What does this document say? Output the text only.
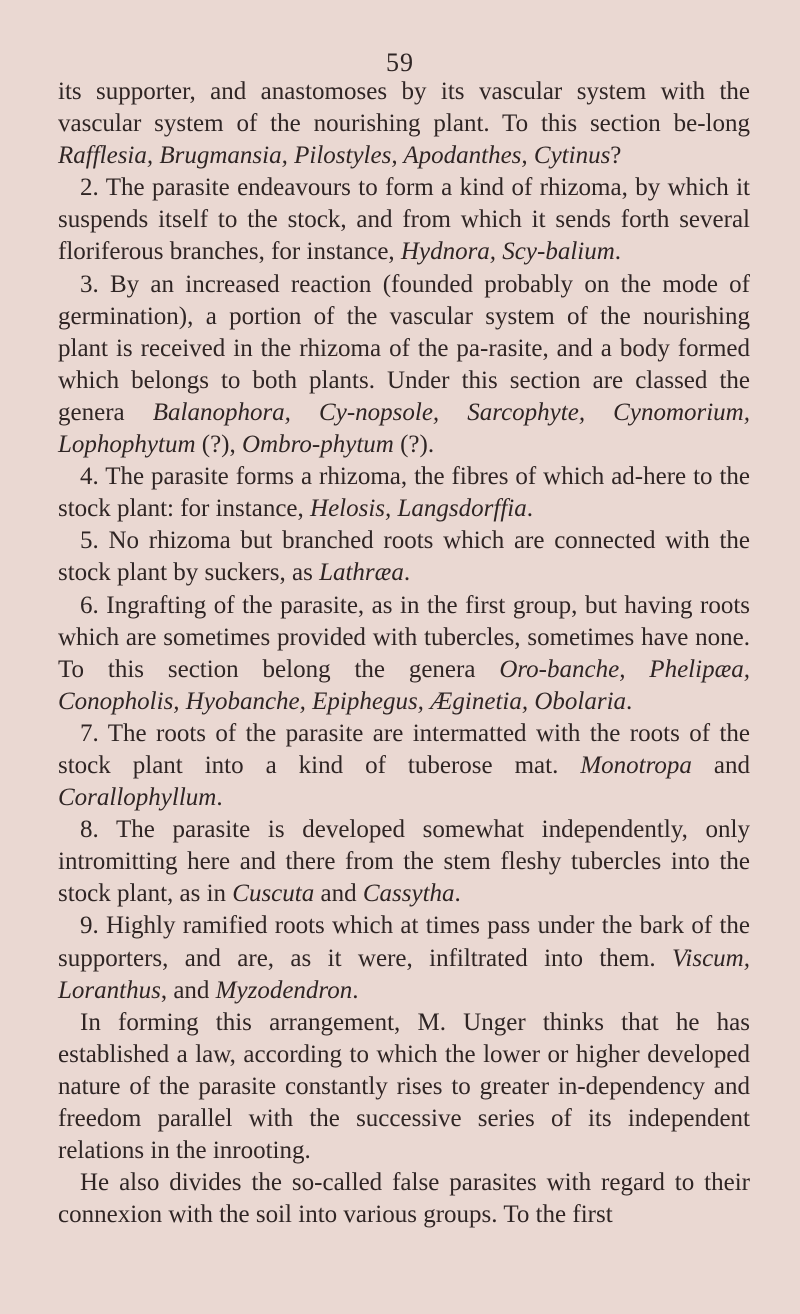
59

its supporter, and anastomoses by its vascular system with the vascular system of the nourishing plant. To this section be-long Rafflesia, Brugmansia, Pilostyles, Apodanthes, Cytinus?

2. The parasite endeavours to form a kind of rhizoma, by which it suspends itself to the stock, and from which it sends forth several floriferous branches, for instance, Hydnora, Scy-balium.

3. By an increased reaction (founded probably on the mode of germination), a portion of the vascular system of the nourishing plant is received in the rhizoma of the pa-rasite, and a body formed which belongs to both plants. Under this section are classed the genera Balanophora, Cy-nopsole, Sarcophyte, Cynomorium, Lophophytum (?), Ombro-phytum (?).

4. The parasite forms a rhizoma, the fibres of which ad-here to the stock plant: for instance, Helosis, Langsdorffia.

5. No rhizoma but branched roots which are connected with the stock plant by suckers, as Lathræa.

6. Ingrafting of the parasite, as in the first group, but having roots which are sometimes provided with tubercles, sometimes have none. To this section belong the genera Oro-banche, Phelipæa, Conopholis, Hyobanche, Epiphegus, Æginetia, Obolaria.

7. The roots of the parasite are intermatted with the roots of the stock plant into a kind of tuberose mat. Monotropa and Corallophyllum.

8. The parasite is developed somewhat independently, only intromitting here and there from the stem fleshy tubercles into the stock plant, as in Cuscuta and Cassytha.

9. Highly ramified roots which at times pass under the bark of the supporters, and are, as it were, infiltrated into them. Viscum, Loranthus, and Myzodendron.

In forming this arrangement, M. Unger thinks that he has established a law, according to which the lower or higher developed nature of the parasite constantly rises to greater in-dependency and freedom parallel with the successive series of its independent relations in the inrooting.

He also divides the so-called false parasites with regard to their connexion with the soil into various groups. To the first
